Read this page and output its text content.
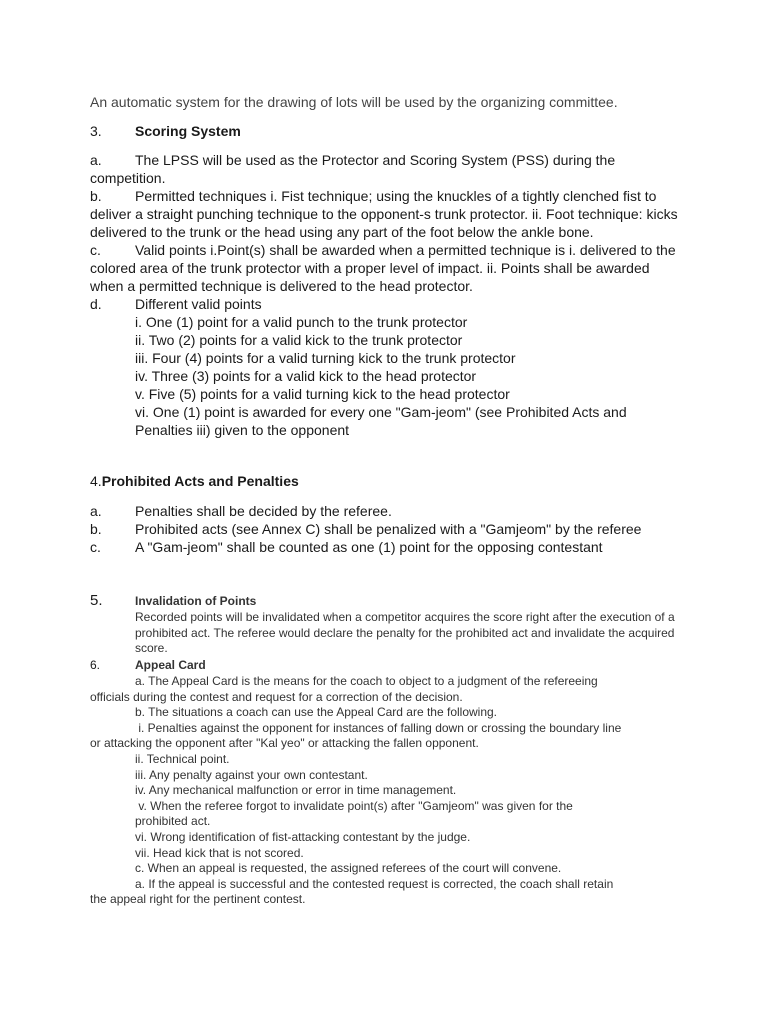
An automatic system for the drawing of lots will be used by the organizing committee.
3. Scoring System
a. The LPSS will be used as the Protector and Scoring System (PSS) during the
competition.
b. Permitted techniques i. Fist technique; using the knuckles of a tightly clenched fist to deliver a straight punching technique to the opponent-s trunk protector. ii. Foot technique: kicks delivered to the trunk or the head using any part of the foot below the ankle bone.
c. Valid points i.Point(s) shall be awarded when a permitted technique is i. delivered to the colored area of the trunk protector with a proper level of impact. ii. Points shall be awarded when a permitted technique is delivered to the head protector.
d. Different valid points
i. One (1) point for a valid punch to the trunk protector
ii. Two (2) points for a valid kick to the trunk protector
iii. Four (4) points for a valid turning kick to the trunk protector
iv. Three (3) points for a valid kick to the head protector
v. Five (5) points for a valid turning kick to the head protector
vi. One (1) point is awarded for every one "Gam-jeom" (see Prohibited Acts and Penalties iii) given to the opponent
4.Prohibited Acts and Penalties
a.	Penalties shall be decided by the referee.
b.	Prohibited acts (see Annex C) shall be penalized with a "Gamjeom" by the referee
c.	A "Gam-jeom" shall be counted as one (1) point for the opposing contestant
5.	Invalidation of Points
Recorded points will be invalidated when a competitor acquires the score right after the execution of a prohibited act. The referee would declare the penalty for the prohibited act and invalidate the acquired score.
6.	Appeal Card
a. The Appeal Card is the means for the coach to object to a judgment of the refereeing
officials during the contest and request for a correction of the decision.
b. The situations a coach can use the Appeal Card are the following.
i. Penalties against the opponent for instances of falling down or crossing the boundary line
or attacking the opponent after "Kal yeo" or attacking the fallen opponent.
ii. Technical point.
iii. Any penalty against your own contestant.
iv. Any mechanical malfunction or error in time management.
v. When the referee forgot to invalidate point(s) after "Gamjeom" was given for the
prohibited act.
vi. Wrong identification of fist-attacking contestant by the judge.
vii. Head kick that is not scored.
c. When an appeal is requested, the assigned referees of the court will convene.
a. If the appeal is successful and the contested request is corrected, the coach shall retain
the appeal right for the pertinent contest.
